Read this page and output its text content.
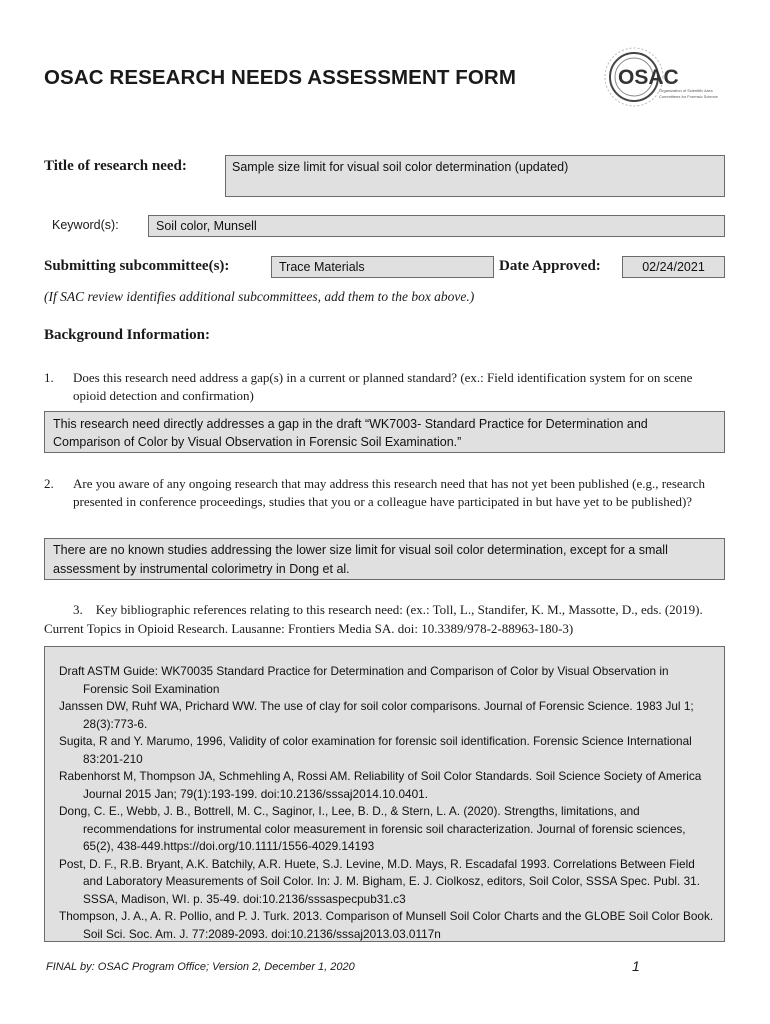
OSAC RESEARCH NEEDS ASSESSMENT FORM	OSAC
Organization of Scientific Area
Committees for Forensic Science
Title of research need:	Sample size limit for visual soil color determination (updated)
Keyword(s):	Soil color, Munsell
Submitting subcommittee(s):	Trace Materials	Date Approved:	02/24/2021
(If SAC review identifies additional subcommittees, add them to the box above.)
Background Information:
1. Does this research need address a gap(s) in a current or planned standard? (ex.: Field identification system for on scene opioid detection and confirmation)
This research need directly addresses a gap in the draft “WK7003- Standard Practice for Determination and Comparison of Color by Visual Observation in Forensic Soil Examination.”
2. Are you aware of any ongoing research that may address this research need that has not yet been published (e.g., research presented in conference proceedings, studies that you or a colleague have participated in but have yet to be published)?
There are no known studies addressing the lower size limit for visual soil color determination, except for a small assessment by instrumental colorimetry in Dong et al.
3. Key bibliographic references relating to this research need: (ex.: Toll, L., Standifer, K. M., Massotte, D., eds. (2019). Current Topics in Opioid Research. Lausanne: Frontiers Media SA. doi: 10.3389/978-2-88963-180-3)

Draft ASTM Guide: WK70035 Standard Practice for Determination and Comparison of Color by Visual Observation in Forensic Soil Examination

Janssen DW, Ruhf WA, Prichard WW. The use of clay for soil color comparisons. Journal of Forensic Science. 1983 Jul 1; 28(3):773-6.

Sugita, R and Y. Marumo, 1996, Validity of color examination for forensic soil identification. Forensic Science International 83:201-210

Rabenhorst M, Thompson JA, Schmehling A, Rossi AM. Reliability of Soil Color Standards. Soil Science Society of America Journal 2015 Jan; 79(1):193-199. doi:10.2136/sssaj2014.10.0401.

Dong, C. E., Webb, J. B., Bottrell, M. C., Saginor, I., Lee, B. D., & Stern, L. A. (2020). Strengths, limitations, and recommendations for instrumental color measurement in forensic soil characterization. Journal of forensic sciences, 65(2), 438-449.https://doi.org/10.1111/1556-4029.14193

Post, D. F., R.B. Bryant, A.K. Batchily, A.R. Huete, S.J. Levine, M.D. Mays, R. Escadafal 1993. Correlations Between Field and Laboratory Measurements of Soil Color. In: J. M. Bigham, E. J. Ciolkosz, editors, Soil Color, SSSA Spec. Publ. 31. SSSA, Madison, WI. p. 35-49. doi:10.2136/sssaspecpub31.c3

Thompson, J. A., A. R. Pollio, and P. J. Turk. 2013. Comparison of Munsell Soil Color Charts and the GLOBE Soil Color Book. Soil Sci. Soc. Am. J. 77:2089-2093. doi:10.2136/sssaj2013.03.0117n

FINAL by: OSAC Program Office; Version 2, December 1, 2020	1
